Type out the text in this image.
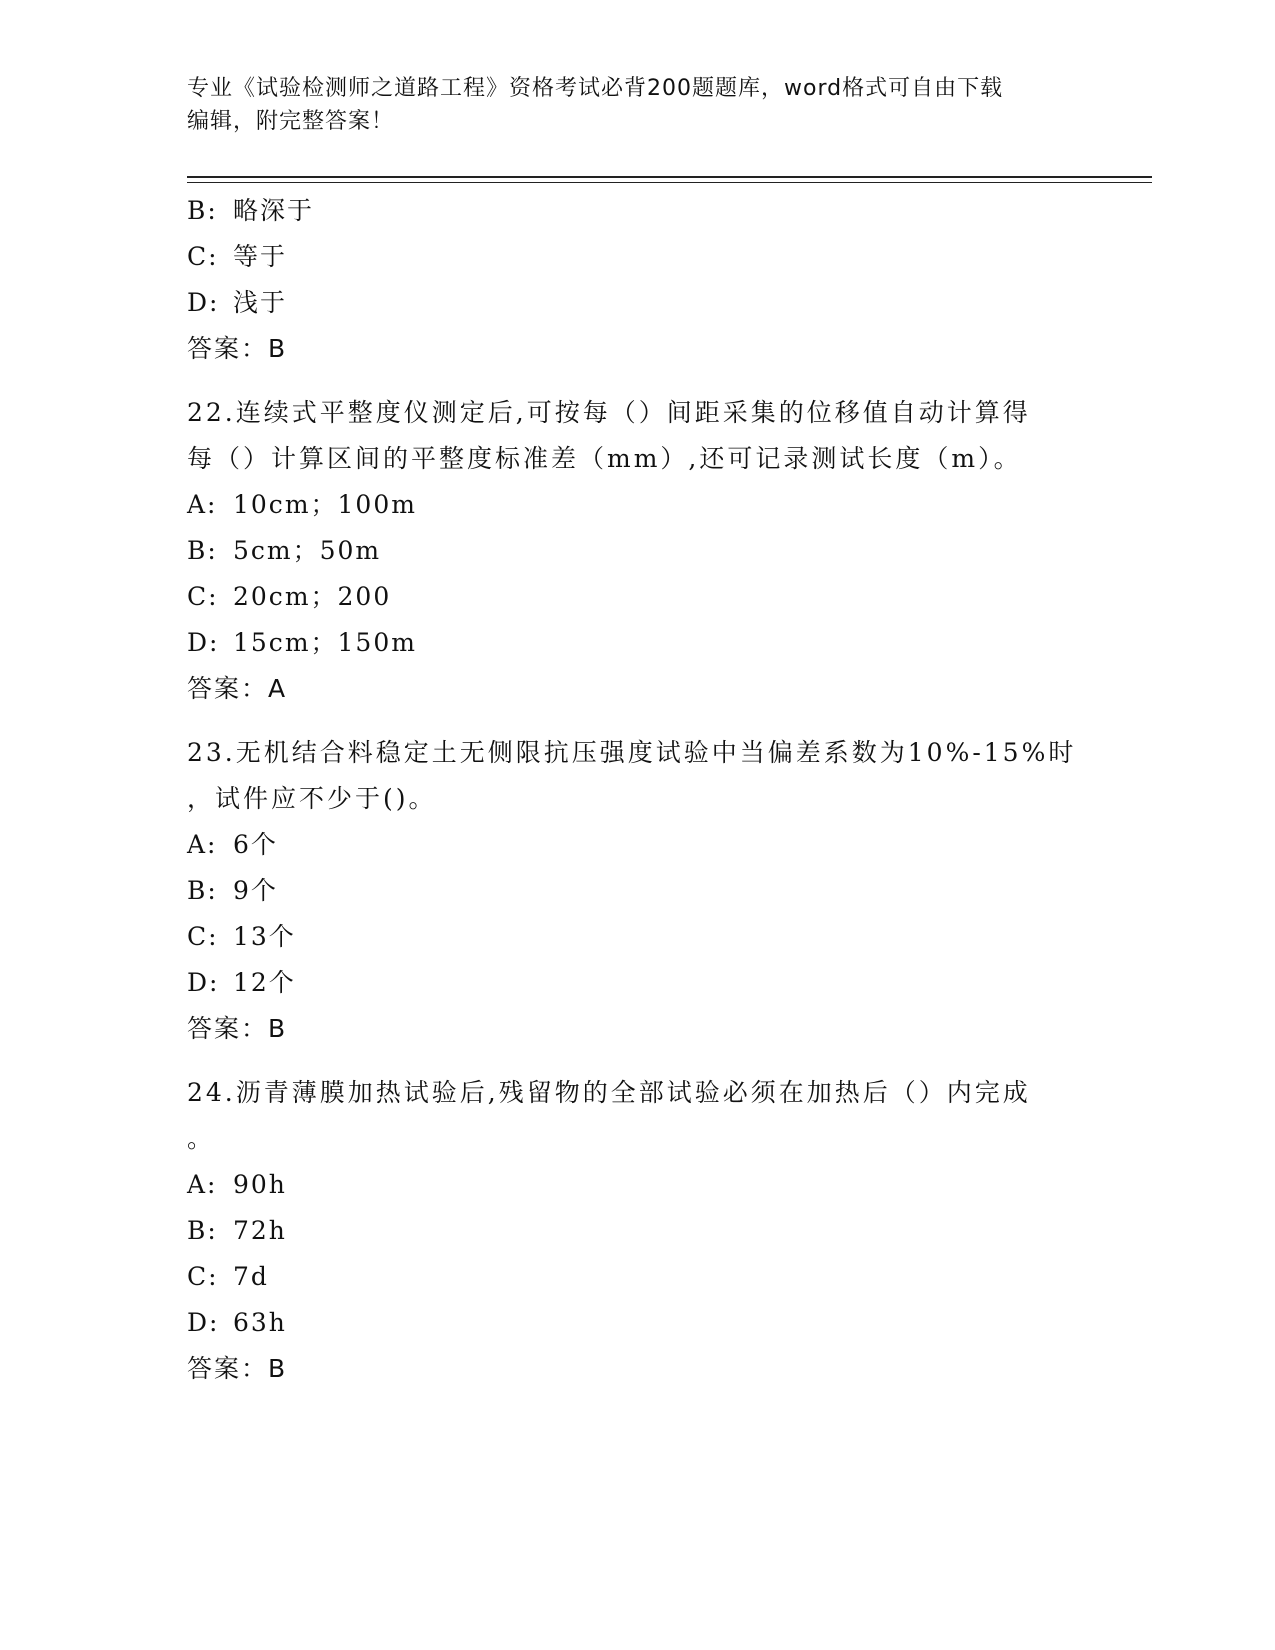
专业《试验检测师之道路工程》资格考试必背200题题库，word格式可自由下载
编辑，附完整答案！
B: 略深于
C: 等于
D: 浅于
答案：B
22.连续式平整度仪测定后,可按每（）间距采集的位移值自动计算得
每（）计算区间的平整度标准差（mm）,还可记录测试长度（m）。
A: 10cm；100m
B: 5cm；50m
C: 20cm；200
D: 15cm；150m
答案：A
23.无机结合料稳定土无侧限抗压强度试验中当偏差系数为10%-15%时
，试件应不少于()。
A: 6个
B: 9个
C: 13个
D: 12个
答案：B
24.沥青薄膜加热试验后,残留物的全部试验必须在加热后（）内完成
。
A: 90h
B: 72h
C: 7d
D: 63h
答案：B
